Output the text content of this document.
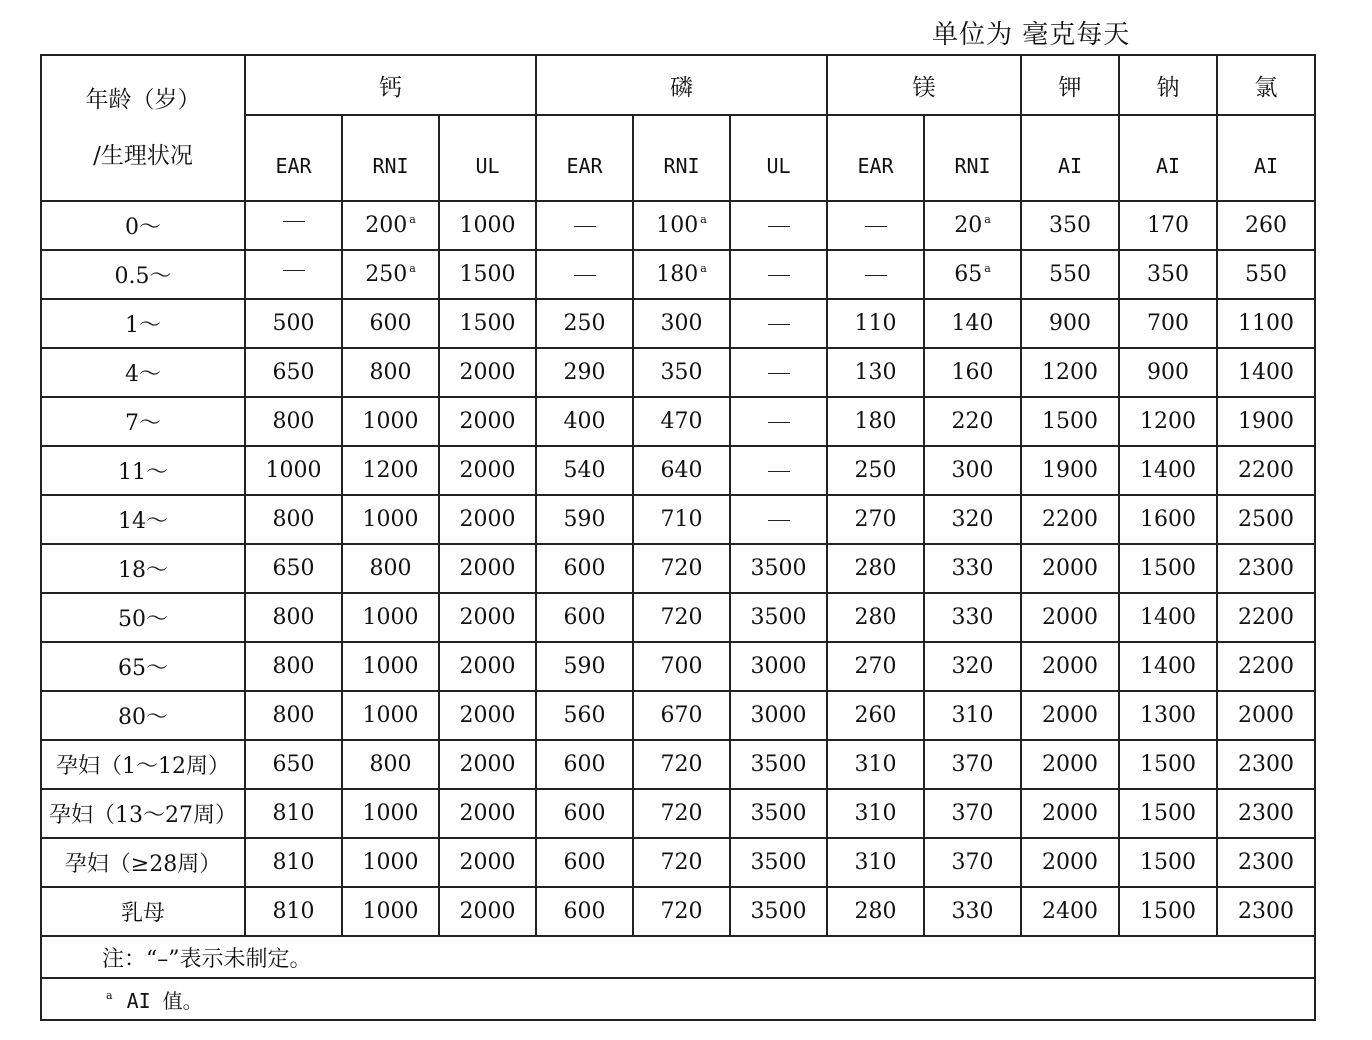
单位为 毫克每天
年龄（岁）
/生理状况	钙			磷			镁		钾	钠	氯
	EAR	RNI	UL	EAR	RNI	UL	EAR	RNI	AI	AI	AI
0～		200 $^a$	1000		100 $^a$			20 $^a$	350	170	260
0.5～		250 $^a$	1500		180 $^a$			65 $^a$	550	350	550
1～	500	600	1500	250	300		110	140	900	700	1100
4～	650	800	2000	290	350		130	160	1200	900	1400
7～	800	1000	2000	400	470		180	220	1500	1200	1900
11～	1000	1200	2000	540	640		250	300	1900	1400	2200
14～	800	1000	2000	590	710		270	320	2200	1600	2500
18～	650	800	2000	600	720	3500	280	330	2000	1500	2300
50～	800	1000	2000	600	720	3500	280	330	2000	1400	2200
65～	800	1000	2000	590	700	3000	270	320	2000	1400	2200
80～	800	1000	2000	560	670	3000	260	310	2000	1300	2000
孕妇（1～12周）	650	800	2000	600	720	3500	310	370	2000	1500	2300
孕妇（13～27周）	810	1000	2000	600	720	3500	310	370	2000	1500	2300
孕妇（≥28周）	810	1000	2000	600	720	3500	310	370	2000	1500	2300
乳母	810	1000	2000	600	720	3500	280	330	2400	1500	2300
注：“–”表示未制定。											
$^a$ AI 值。											
